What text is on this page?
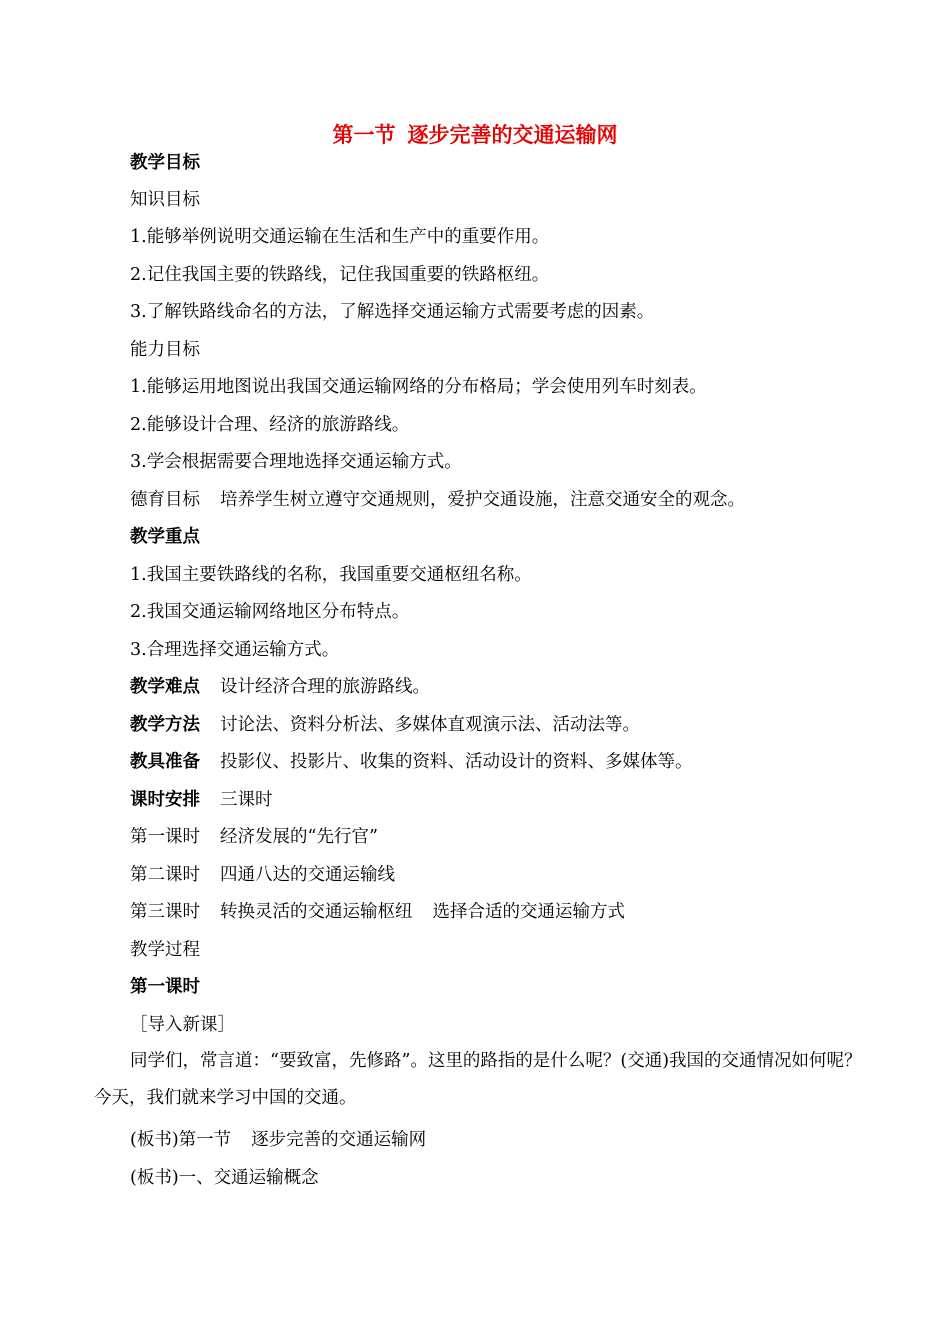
第一节 逐步完善的交通运输网
教学目标
知识目标
1.能够举例说明交通运输在生活和生产中的重要作用。
2.记住我国主要的铁路线，记住我国重要的铁路枢纽。
3.了解铁路线命名的方法，了解选择交通运输方式需要考虑的因素。
能力目标
1.能够运用地图说出我国交通运输网络的分布格局；学会使用列车时刻表。
2.能够设计合理、经济的旅游路线。
3.学会根据需要合理地选择交通运输方式。
德育目标 培养学生树立遵守交通规则，爱护交通设施，注意交通安全的观念。
教学重点
1.我国主要铁路线的名称，我国重要交通枢纽名称。
2.我国交通运输网络地区分布特点。
3.合理选择交通运输方式。
教学难点 设计经济合理的旅游路线。
教学方法 讨论法、资料分析法、多媒体直观演示法、活动法等。
教具准备 投影仪、投影片、收集的资料、活动设计的资料、多媒体等。
课时安排 三课时
第一课时 经济发展的“先行官”
第二课时 四通八达的交通运输线
第三课时 转换灵活的交通运输枢纽 选择合适的交通运输方式
教学过程
第一课时
［导入新课］
同学们，常言道：“要致富，先修路”。这里的路指的是什么呢？(交通)我国的交通情况如何呢？今天，我们就来学习中国的交通。
(板书)第一节 逐步完善的交通运输网
(板书)一、交通运输概念
